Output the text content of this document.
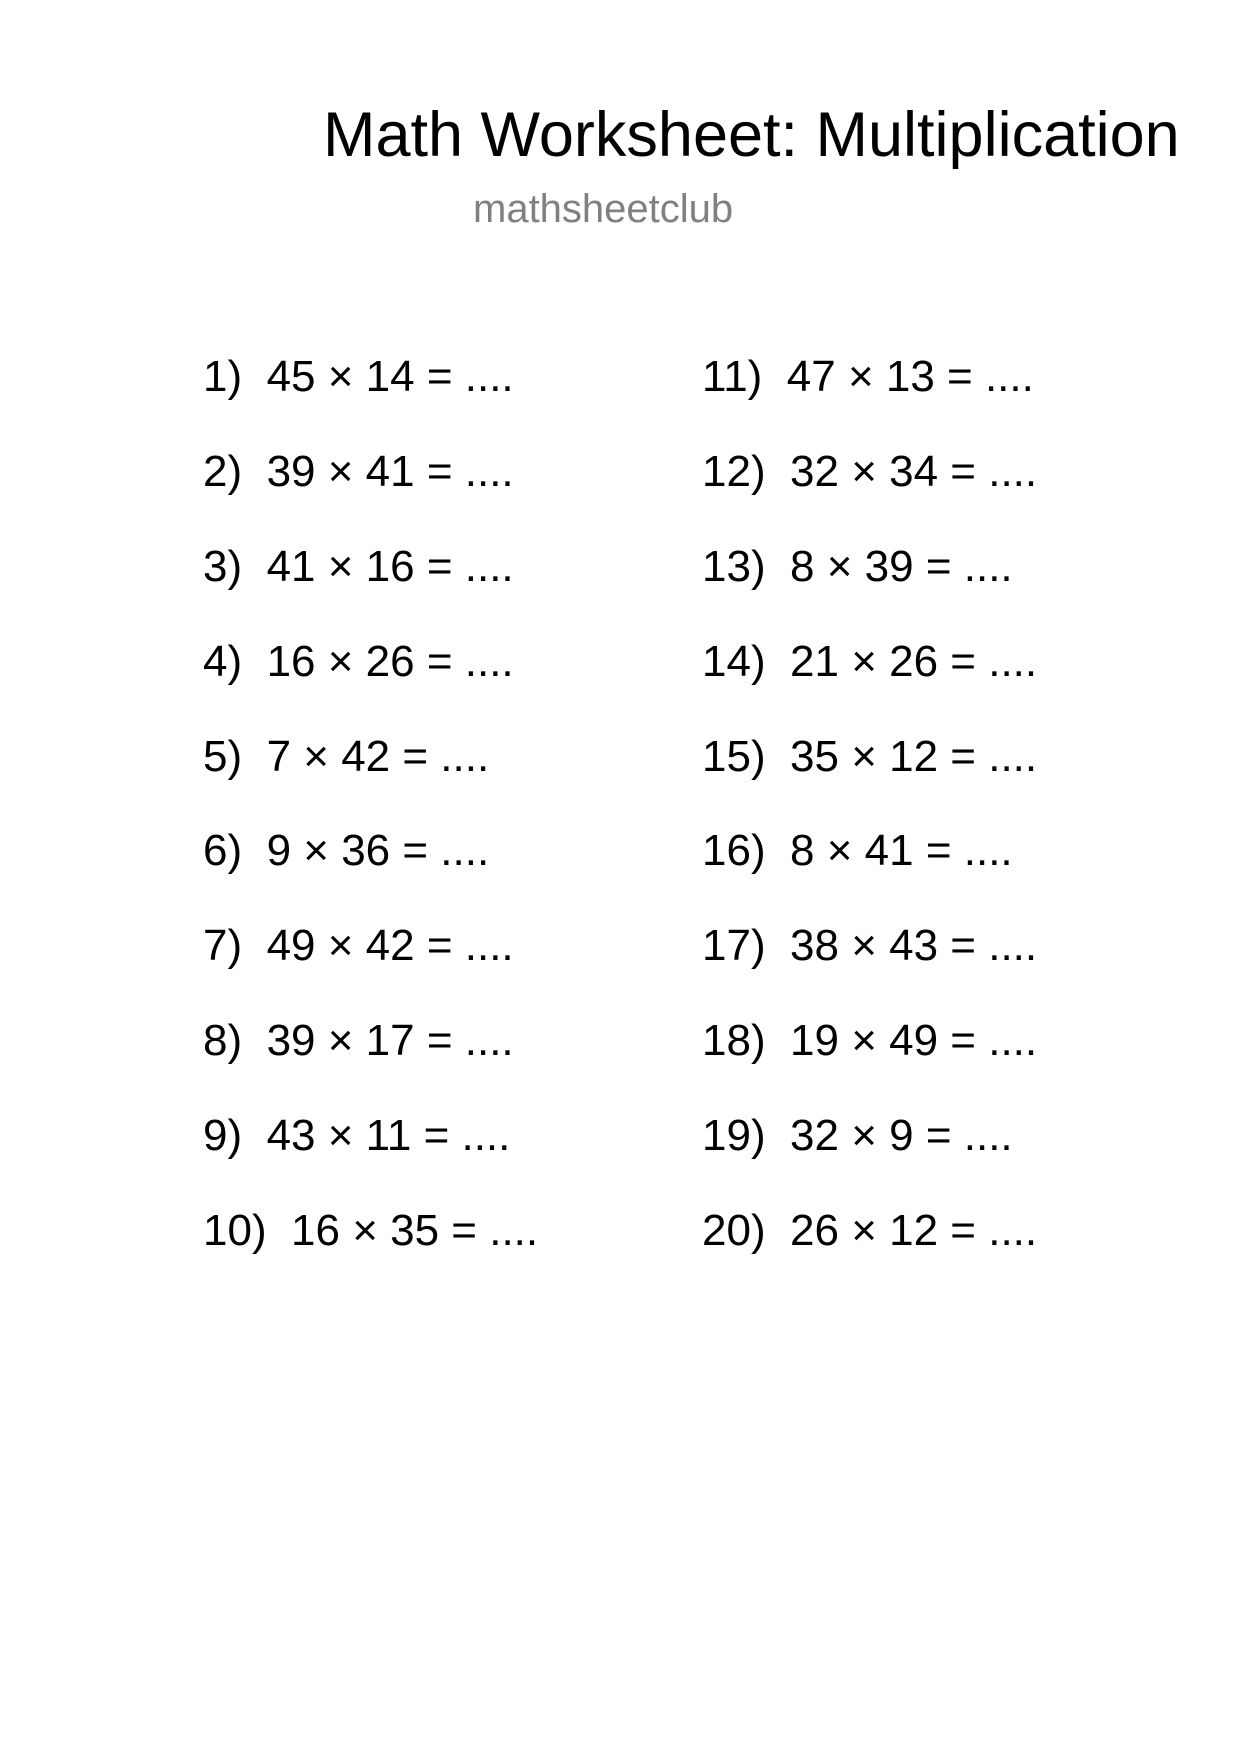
Math Worksheet: Multiplication
mathsheetclub
1)  45 × 14 = ....
2)  39 × 41 = ....
3)  41 × 16 = ....
4)  16 × 26 = ....
5)  7 × 42 = ....
6)  9 × 36 = ....
7)  49 × 42 = ....
8)  39 × 17 = ....
9)  43 × 11 = ....
10)  16 × 35 = ....
11)  47 × 13 = ....
12)  32 × 34 = ....
13)  8 × 39 = ....
14)  21 × 26 = ....
15)  35 × 12 = ....
16)  8 × 41 = ....
17)  38 × 43 = ....
18)  19 × 49 = ....
19)  32 × 9 = ....
20)  26 × 12 = ....
